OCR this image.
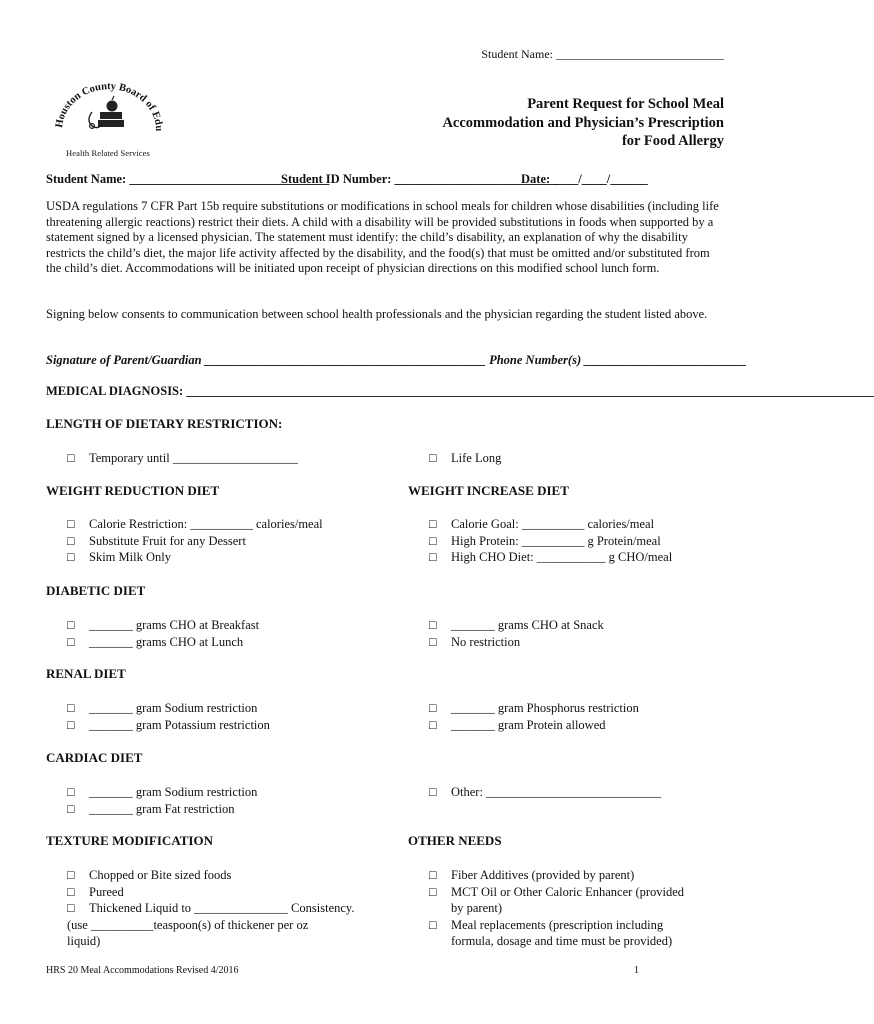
Student Name: ____________________________
Houston County Board of Edu
Health Related Services
Parent Request for School Meal
Accommodation and Physician’s Prescription
for Food Allergy
Student Name: ________________________________
Student ID Number: __________________________
Date: ____/____/______
USDA regulations 7 CFR Part 15b require substitutions or modifications in school meals for children whose disabilities (including life threatening allergic reactions) restrict their diets. A child with a disability will be provided substitutions in foods when supported by a statement signed by a licensed physician. The statement must identify: the child’s disability, an explanation of why the disability restricts the child’s diet, the major life activity affected by the disability, and the food(s) that must be omitted and/or substituted from the child’s diet. Accommodations will be initiated upon receipt of physician directions on this modified school lunch form.
Signing below consents to communication between school health professionals and the physician regarding the student listed above.
Signature of Parent/Guardian _____________________________________________ Phone Number(s) __________________________
MEDICAL DIAGNOSIS: ______________________________________________________________________________________________________________
LENGTH OF DIETARY RESTRICTION:
□ Temporary until ____________________	□ Life Long
WEIGHT REDUCTION DIET	WEIGHT INCREASE DIET
□ Calorie Restriction: __________ calories/meal
□ Substitute Fruit for any Dessert
□ Skim Milk Only
□ Calorie Goal: __________ calories/meal
□ High Protein: __________ g Protein/meal
□ High CHO Diet: ___________ g CHO/meal
DIABETIC DIET
□ _______ grams CHO at Breakfast
□ _______ grams CHO at Lunch
□ _______ grams CHO at Snack
□ No restriction
RENAL DIET
□ _______ gram Sodium restriction
□ _______ gram Potassium restriction
□ _______ gram Phosphorus restriction
□ _______ gram Protein allowed
CARDIAC DIET
□ _______ gram Sodium restriction
□ _______ gram Fat restriction
□ Other: ____________________________
TEXTURE MODIFICATION	OTHER NEEDS
□ Chopped or Bite sized foods
□ Pureed
□ Thickened Liquid to _______________ Consistency.
(use __________teaspoon(s) of thickener per oz
liquid)
□ Fiber Additives (provided by parent)
□ MCT Oil or Other Caloric Enhancer (provided
by parent)
□ Meal replacements (prescription including
formula, dosage and time must be provided)
HRS 20 Meal Accommodations Revised 4/2016	1
